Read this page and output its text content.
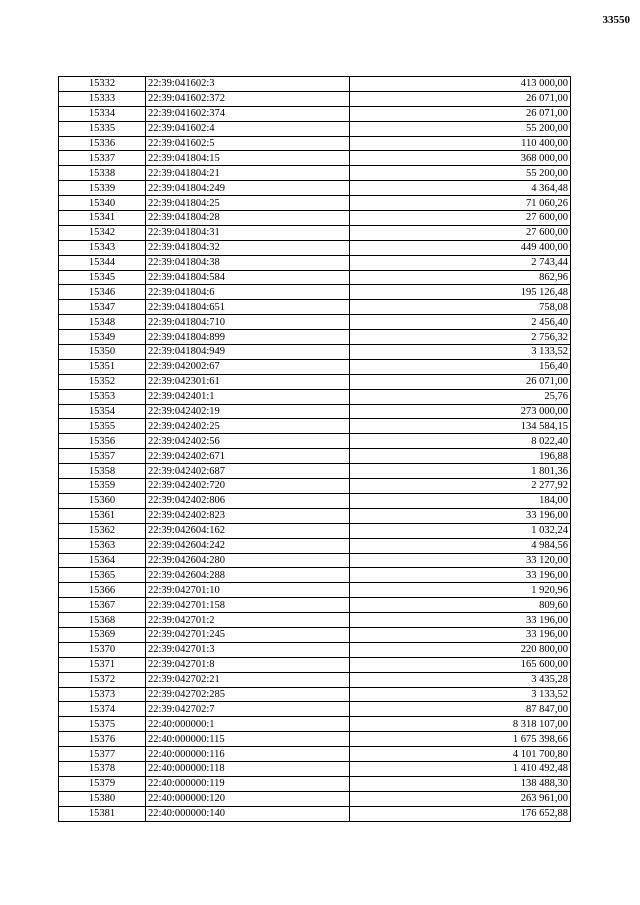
33550
15332	22:39:041602:3	413 000,00
15333	22:39:041602:372	26 071,00
15334	22:39:041602:374	26 071,00
15335	22:39:041602:4	55 200,00
15336	22:39:041602:5	110 400,00
15337	22:39:041804:15	368 000,00
15338	22:39:041804:21	55 200,00
15339	22:39:041804:249	4 364,48
15340	22:39:041804:25	71 060,26
15341	22:39:041804:28	27 600,00
15342	22:39:041804:31	27 600,00
15343	22:39:041804:32	449 400,00
15344	22:39:041804:38	2 743,44
15345	22:39:041804:584	862,96
15346	22:39:041804:6	195 126,48
15347	22:39:041804:651	758,08
15348	22:39:041804:710	2 456,40
15349	22:39:041804:899	2 756,32
15350	22:39:041804:949	3 133,52
15351	22:39:042002:67	156,40
15352	22:39:042301:61	26 071,00
15353	22:39:042401:1	25,76
15354	22:39:042402:19	273 000,00
15355	22:39:042402:25	134 584,15
15356	22:39:042402:56	8 022,40
15357	22:39:042402:671	196,88
15358	22:39:042402:687	1 801,36
15359	22:39:042402:720	2 277,92
15360	22:39:042402:806	184,00
15361	22:39:042402:823	33 196,00
15362	22:39:042604:162	1 032,24
15363	22:39:042604:242	4 984,56
15364	22:39:042604:280	33 120,00
15365	22:39:042604:288	33 196,00
15366	22:39:042701:10	1 920,96
15367	22:39:042701:158	809,60
15368	22:39:042701:2	33 196,00
15369	22:39:042701:245	33 196,00
15370	22:39:042701:3	220 800,00
15371	22:39:042701:8	165 600,00
15372	22:39:042702:21	3 435,28
15373	22:39:042702:285	3 133,52
15374	22:39:042702:7	87 847,00
15375	22:40:000000:1	8 318 107,00
15376	22:40:000000:115	1 675 398,66
15377	22:40:000000:116	4 101 700,80
15378	22:40:000000:118	1 410 492,48
15379	22:40:000000:119	138 488,30
15380	22:40:000000:120	263 961,00
15381	22:40:000000:140	176 652,88
